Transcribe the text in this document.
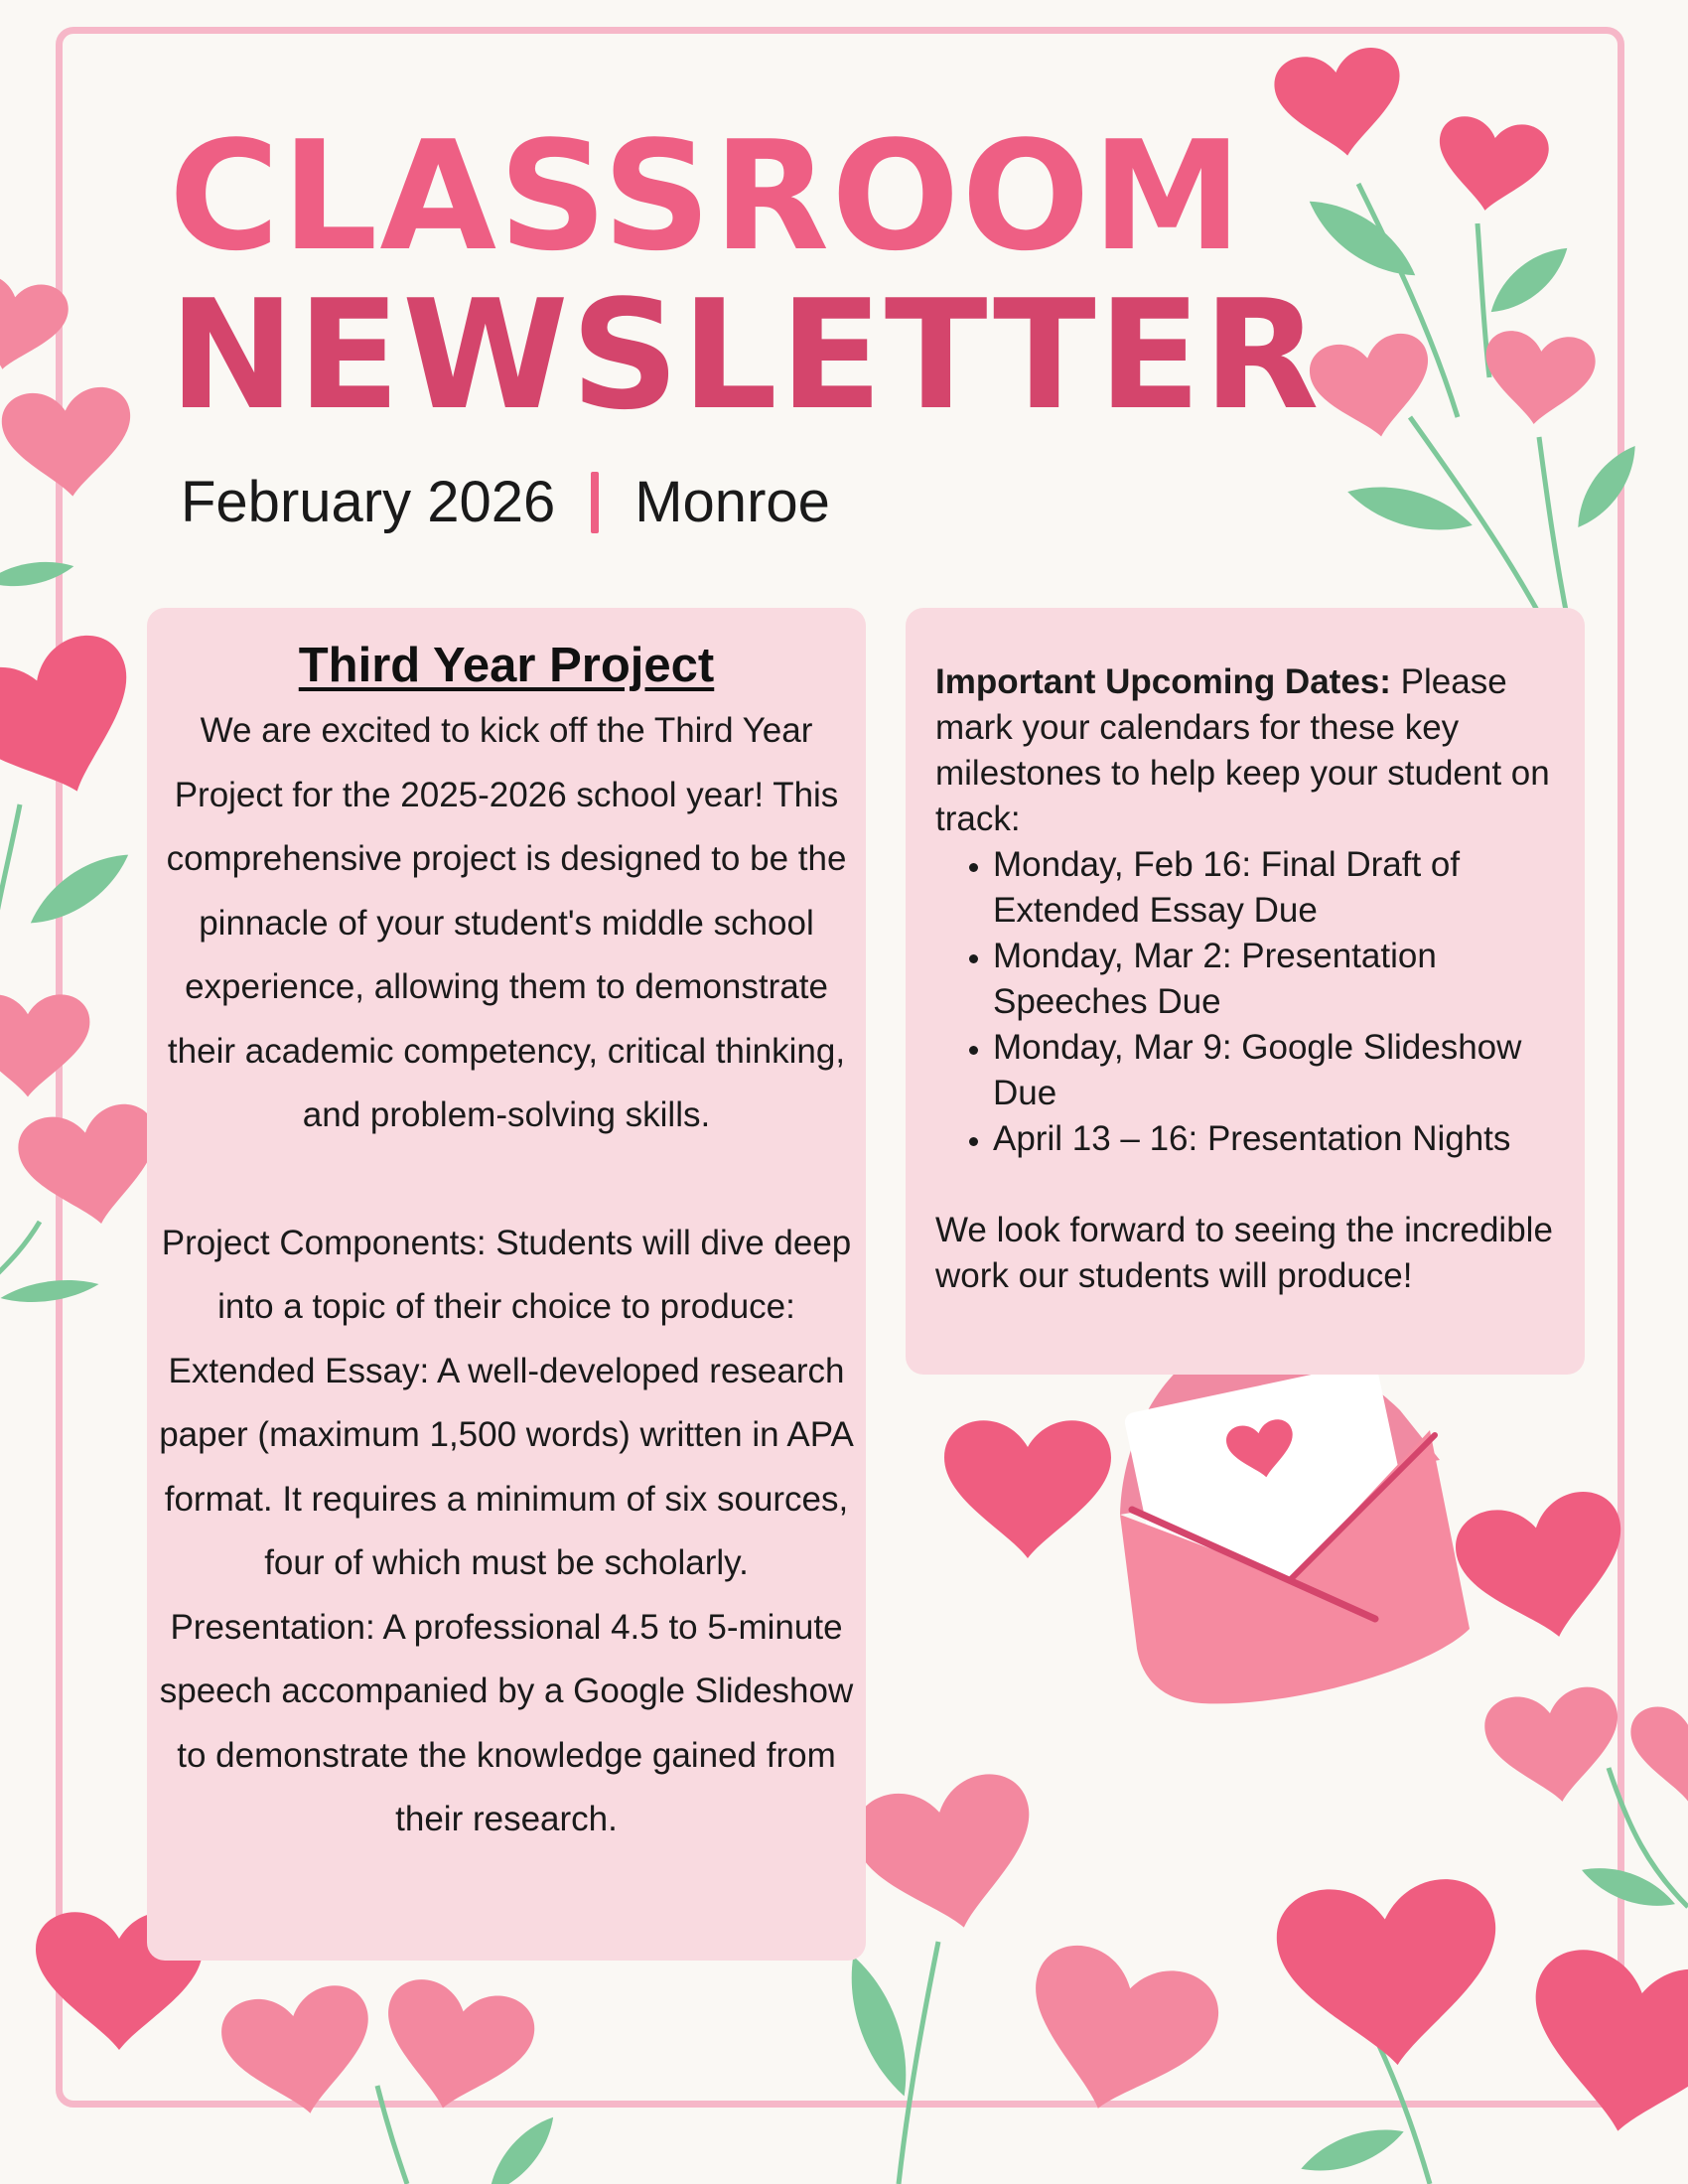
CLASSROOM
NEWSLETTER
February 2026 Monroe
Third Year Project

We are excited to kick off the Third Year Project for the 2025-2026 school year! This comprehensive project is designed to be the pinnacle of your student's middle school experience, allowing them to demonstrate their academic competency, critical thinking, and problem-solving skills.

Project Components: Students will dive deep into a topic of their choice to produce:

Extended Essay: A well-developed research paper (maximum 1,500 words) written in APA format. It requires a minimum of six sources, four of which must be scholarly.

Presentation: A professional 4.5 to 5-minute speech accompanied by a Google Slideshow to demonstrate the knowledge gained from their research.

Important Upcoming Dates: Please mark your calendars for these key milestones to help keep your student on track:

• Monday, Feb 16: Final Draft of Extended Essay Due
• Monday, Mar 2: Presentation Speeches Due
• Monday, Mar 9: Google Slideshow Due
• April 13 – 16: Presentation Nights

We look forward to seeing the incredible work our students will produce!
